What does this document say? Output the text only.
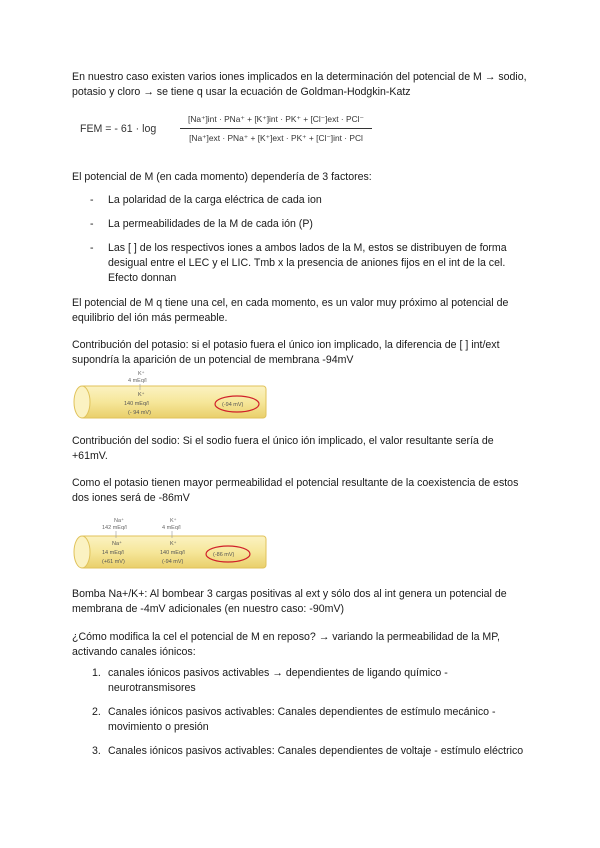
En nuestro caso existen varios iones implicados en la determinación del potencial de M → sodio, potasio y cloro → se tiene q usar la ecuación de Goldman-Hodgkin-Katz

FEM = - 61 · log
[Na⁺]int · PNa⁺ + [K⁺]int · PK⁺ + [Cl⁻]ext · PCl⁻
[Na⁺]ext · PNa⁺ + [K⁺]ext · PK⁺ + [Cl⁻]int · PCl

El potencial de M (en cada momento) dependería de 3 factores:

- La polaridad de la carga eléctrica de cada ion
- La permeabilidades de la M de cada ión (P)
- Las [ ] de los respectivos iones a ambos lados de la M, estos se distribuyen de forma desigual entre el LEC y el LIC. Tmb x la presencia de aniones fijos en el int de la cel. Efecto donnan

El potencial de M q tiene una cel, en cada momento, es un valor muy próximo al potencial de equilibrio del ión más permeable.

Contribución del potasio: si el potasio fuera el único ion implicado, la diferencia de [ ] int/ext supondría la aparición de un potencial de membrana -94mV

K⁺
4 mEq/l
K⁺
140 mEq/l
(- 94 mV)
(-94 mV)

Contribución del sodio: Si el sodio fuera el único ión implicado, el valor resultante sería de +61mV.

Como el potasio tienen mayor permeabilidad el potencial resultante de la coexistencia de estos dos iones será de -86mV

Na⁺
142 mEq/l
K⁺
4 mEq/l
Na⁺
14 mEq/l
(+61 mV)
K⁺
140 mEq/l
(-94 mV)
(-86 mV)

Bomba Na+/K+: Al bombear 3 cargas positivas al ext y sólo dos al int genera un potencial de membrana de -4mV adicionales (en nuestro caso: -90mV)

¿Cómo modifica la cel el potencial de M en reposo? → variando la permeabilidad de la MP, activando canales iónicos:

1. canales iónicos pasivos activables → dependientes de ligando químico - neurotransmisores
2. Canales iónicos pasivos activables: Canales dependientes de estímulo mecánico - movimiento o presión
3. Canales iónicos pasivos activables: Canales dependientes de voltaje - estímulo eléctrico
